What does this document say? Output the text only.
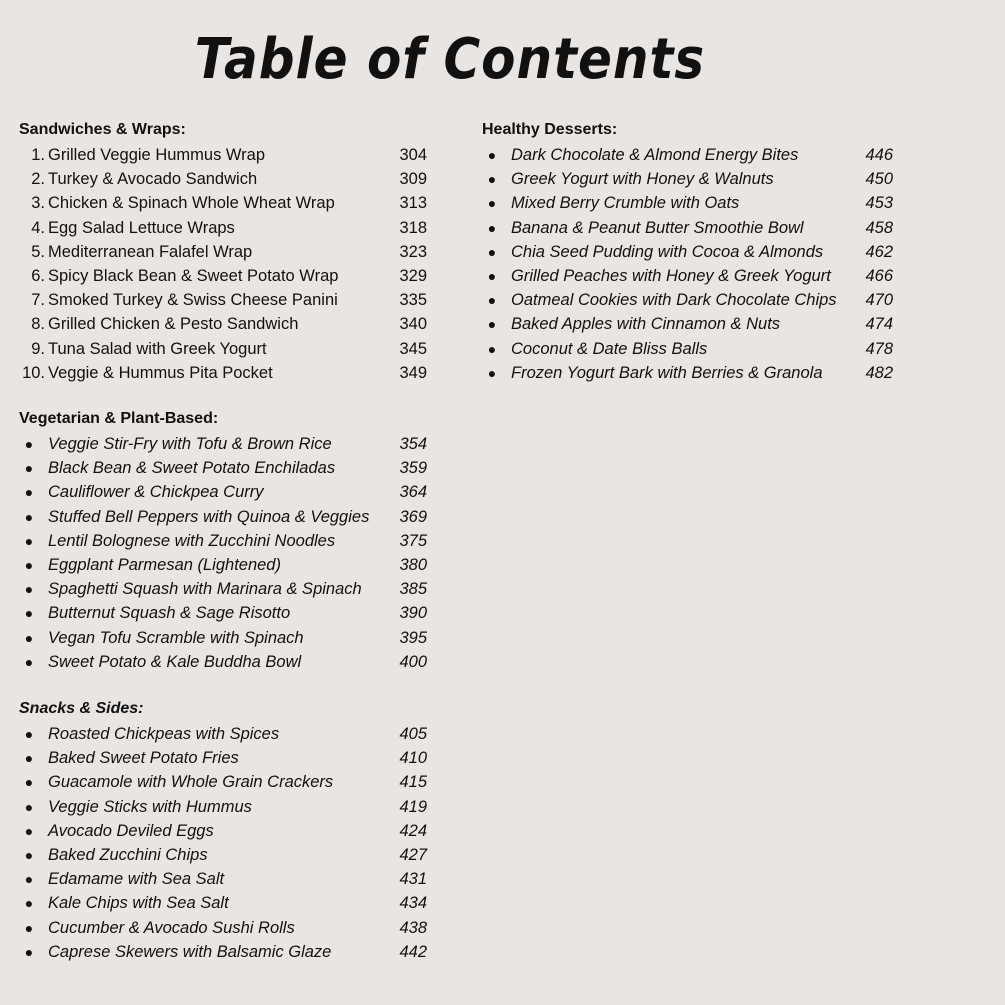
Table of Contents
Sandwiches & Wraps:
1. Grilled Veggie Hummus Wrap	304
2. Turkey & Avocado Sandwich	309
3. Chicken & Spinach Whole Wheat Wrap	313
4. Egg Salad Lettuce Wraps	318
5. Mediterranean Falafel Wrap	323
6. Spicy Black Bean & Sweet Potato Wrap	329
7. Smoked Turkey & Swiss Cheese Panini	335
8. Grilled Chicken & Pesto Sandwich	340
9. Tuna Salad with Greek Yogurt	345
10. Veggie & Hummus Pita Pocket	349
Vegetarian & Plant-Based:
● Veggie Stir-Fry with Tofu & Brown Rice	354
● Black Bean & Sweet Potato Enchiladas	359
● Cauliflower & Chickpea Curry	364
● Stuffed Bell Peppers with Quinoa & Veggies 369
● Lentil Bolognese with Zucchini Noodles	375
● Eggplant Parmesan (Lightened)	380
● Spaghetti Squash with Marinara & Spinach 385
● Butternut Squash & Sage Risotto	390
● Vegan Tofu Scramble with Spinach	395
● Sweet Potato & Kale Buddha Bowl	400
Snacks & Sides:
● Roasted Chickpeas with Spices	405
● Baked Sweet Potato Fries	410
● Guacamole with Whole Grain Crackers	415
● Veggie Sticks with Hummus	419
● Avocado Deviled Eggs	424
● Baked Zucchini Chips	427
● Edamame with Sea Salt	431
● Kale Chips with Sea Salt	434
● Cucumber & Avocado Sushi Rolls	438
● Caprese Skewers with Balsamic Glaze	442
Healthy Desserts:
● Dark Chocolate & Almond Energy Bites	446
● Greek Yogurt with Honey & Walnuts	450
● Mixed Berry Crumble with Oats	453
● Banana & Peanut Butter Smoothie Bowl	458
● Chia Seed Pudding with Cocoa & Almonds	462
● Grilled Peaches with Honey & Greek Yogurt 466
● Oatmeal Cookies with Dark Chocolate Chips 470
● Baked Apples with Cinnamon & Nuts	474
● Coconut & Date Bliss Balls	478
● Frozen Yogurt Bark with Berries & Granola	482
